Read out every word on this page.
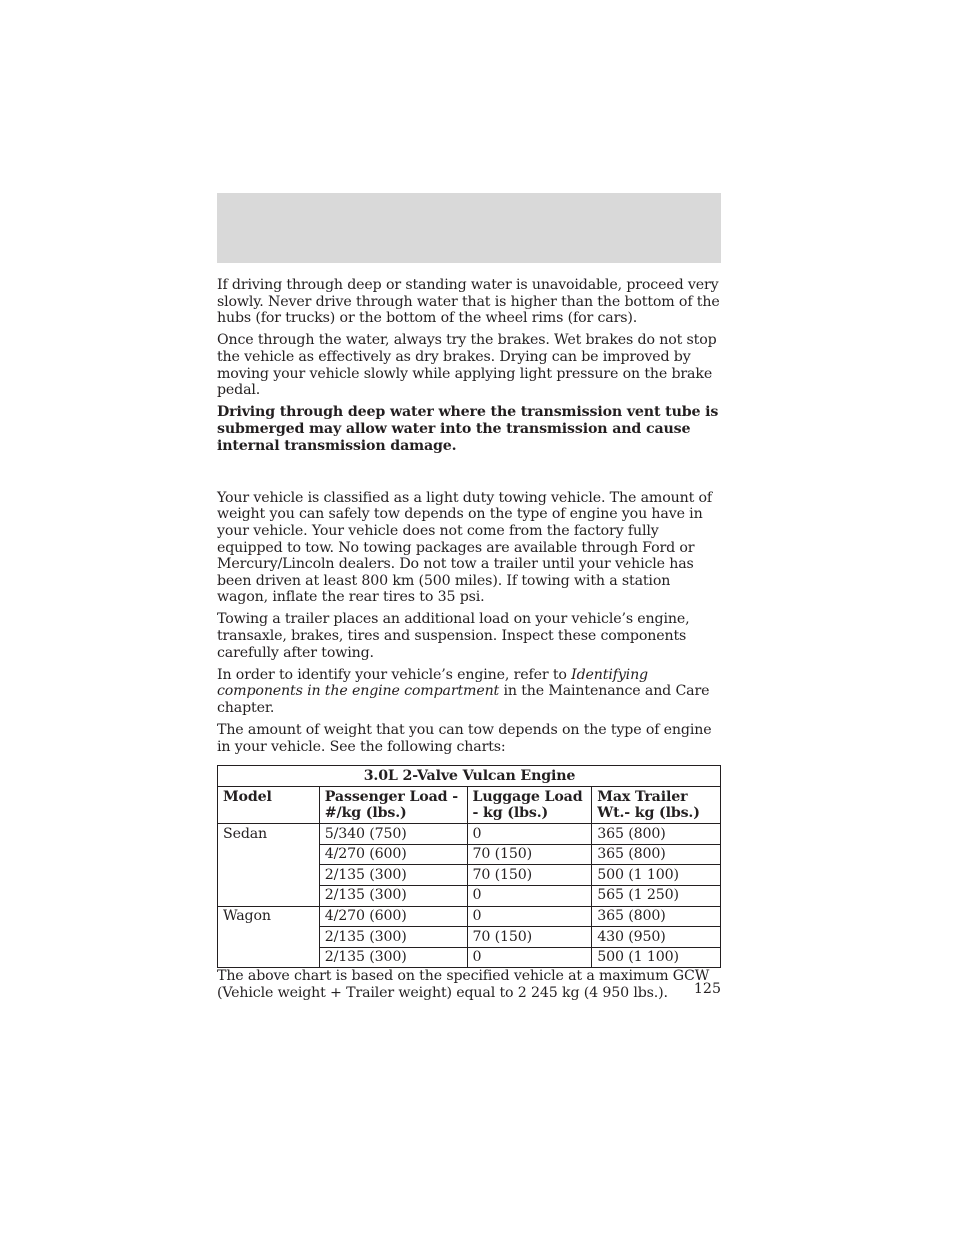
If driving through deep or standing water is unavoidable, proceed very slowly. Never drive through water that is higher than the bottom of the hubs (for trucks) or the bottom of the wheel rims (for cars).

Once through the water, always try the brakes. Wet brakes do not stop the vehicle as effectively as dry brakes. Drying can be improved by moving your vehicle slowly while applying light pressure on the brake pedal.

Driving through deep water where the transmission vent tube is submerged may allow water into the transmission and cause internal transmission damage.

Your vehicle is classified as a light duty towing vehicle. The amount of weight you can safely tow depends on the type of engine you have in your vehicle. Your vehicle does not come from the factory fully equipped to tow. No towing packages are available through Ford or Mercury/Lincoln dealers. Do not tow a trailer until your vehicle has been driven at least 800 km (500 miles). If towing with a station wagon, inflate the rear tires to 35 psi.

Towing a trailer places an additional load on your vehicle’s engine, transaxle, brakes, tires and suspension. Inspect these components carefully after towing.

In order to identify your vehicle’s engine, refer to Identifying components in the engine compartment in the Maintenance and Care chapter.

The amount of weight that you can tow depends on the type of engine in your vehicle. See the following charts:

3.0L 2-Valve Vulcan Engine			
Model	Passenger Load - #/kg (lbs.)	Luggage Load - kg (lbs.)	Max Trailer Wt.- kg (lbs.)
Sedan	5/340 (750)	0	365 (800)
	4/270 (600)	70 (150)	365 (800)
	2/135 (300)	70 (150)	500 (1 100)
	2/135 (300)	0	565 (1 250)
Wagon	4/270 (600)	0	365 (800)
	2/135 (300)	70 (150)	430 (950)
	2/135 (300)	0	500 (1 100)

The above chart is based on the specified vehicle at a maximum GCW (Vehicle weight + Trailer weight) equal to 2 245 kg (4 950 lbs.).	125
